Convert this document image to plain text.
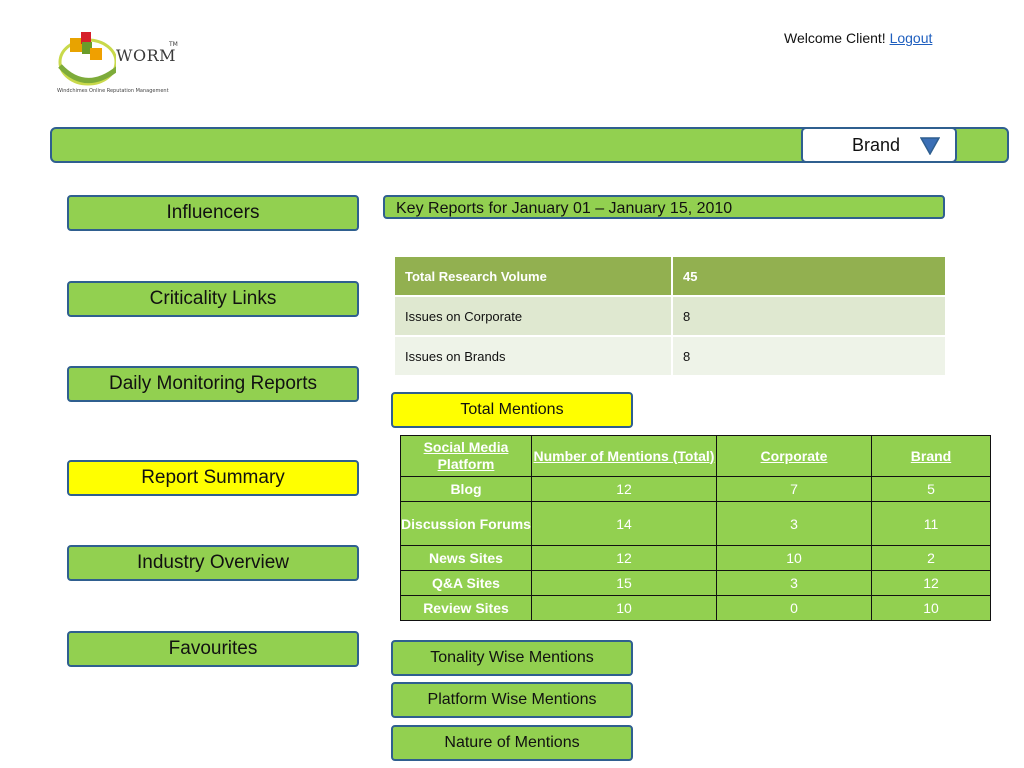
WORM
TM
Windchimes Online Reputation Management
Welcome Client! Logout
Brand
Influencers
Criticality Links
Daily Monitoring Reports
Report Summary
Industry Overview
Favourites
Key Reports for January 01 – January 15, 2010
Total Research Volume	45
Issues on Corporate	8
Issues on Brands	8
Total Mentions
Social Media Platform	Number of Mentions (Total)	Corporate	Brand
Blog	12	7	5
Discussion Forums	14	3	11
News Sites	12	10	2
Q&A Sites	15	3	12
Review Sites	10	0	10
Tonality Wise Mentions
Platform Wise Mentions
Nature of Mentions
